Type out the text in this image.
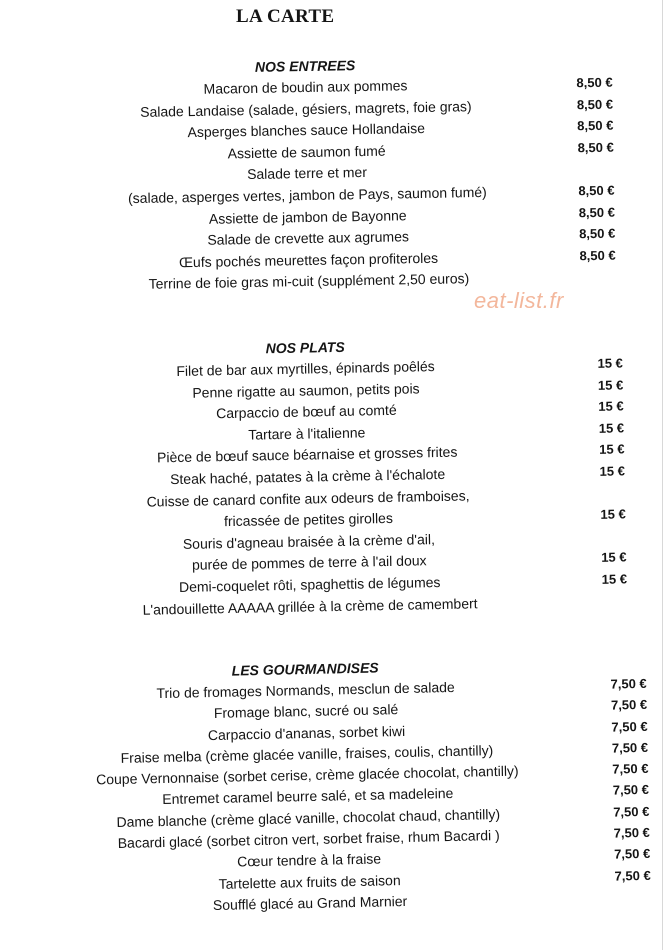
LA CARTE
eat-list.fr
NOS ENTREES
Macaron de boudin aux pommes	8,50 €
Salade Landaise (salade, gésiers, magrets, foie gras)	8,50 €
Asperges blanches sauce Hollandaise	8,50 €
Assiette de saumon fumé	8,50 €
Salade terre et mer
(salade, asperges vertes, jambon de Pays, saumon fumé)	8,50 €
Assiette de jambon de Bayonne	8,50 €
Salade de crevette aux agrumes	8,50 €
Œufs pochés meurettes façon profiteroles	8,50 €
Terrine de foie gras mi-cuit (supplément 2,50 euros)
NOS PLATS
Filet de bar aux myrtilles, épinards poêlés	15 €
Penne rigatte au saumon, petits pois	15 €
Carpaccio de bœuf au comté	15 €
Tartare à l'italienne	15 €
Pièce de bœuf sauce béarnaise et grosses frites	15 €
Steak haché, patates à la crème à l'échalote	15 €
Cuisse de canard confite aux odeurs de framboises,
fricassée de petites girolles	15 €
Souris d'agneau braisée à la crème d'ail,
purée de pommes de terre à l'ail doux	15 €
Demi-coquelet rôti, spaghettis de légumes	15 €
L'andouillette AAAAA grillée à la crème de camembert
LES GOURMANDISES
Trio de fromages Normands, mesclun de salade	7,50 €
Fromage blanc, sucré ou salé	7,50 €
Carpaccio d'ananas, sorbet kiwi	7,50 €
Fraise melba (crème glacée vanille, fraises, coulis, chantilly)	7,50 €
Coupe Vernonnaise (sorbet cerise, crème glacée chocolat, chantilly)	7,50 €
Entremet caramel beurre salé, et sa madeleine	7,50 €
Dame blanche (crème glacé vanille, chocolat chaud, chantilly)	7,50 €
Bacardi glacé (sorbet citron vert, sorbet fraise, rhum Bacardi )	7,50 €
Cœur tendre à la fraise	7,50 €
Tartelette aux fruits de saison	7,50 €
Soufflé glacé au Grand Marnier
